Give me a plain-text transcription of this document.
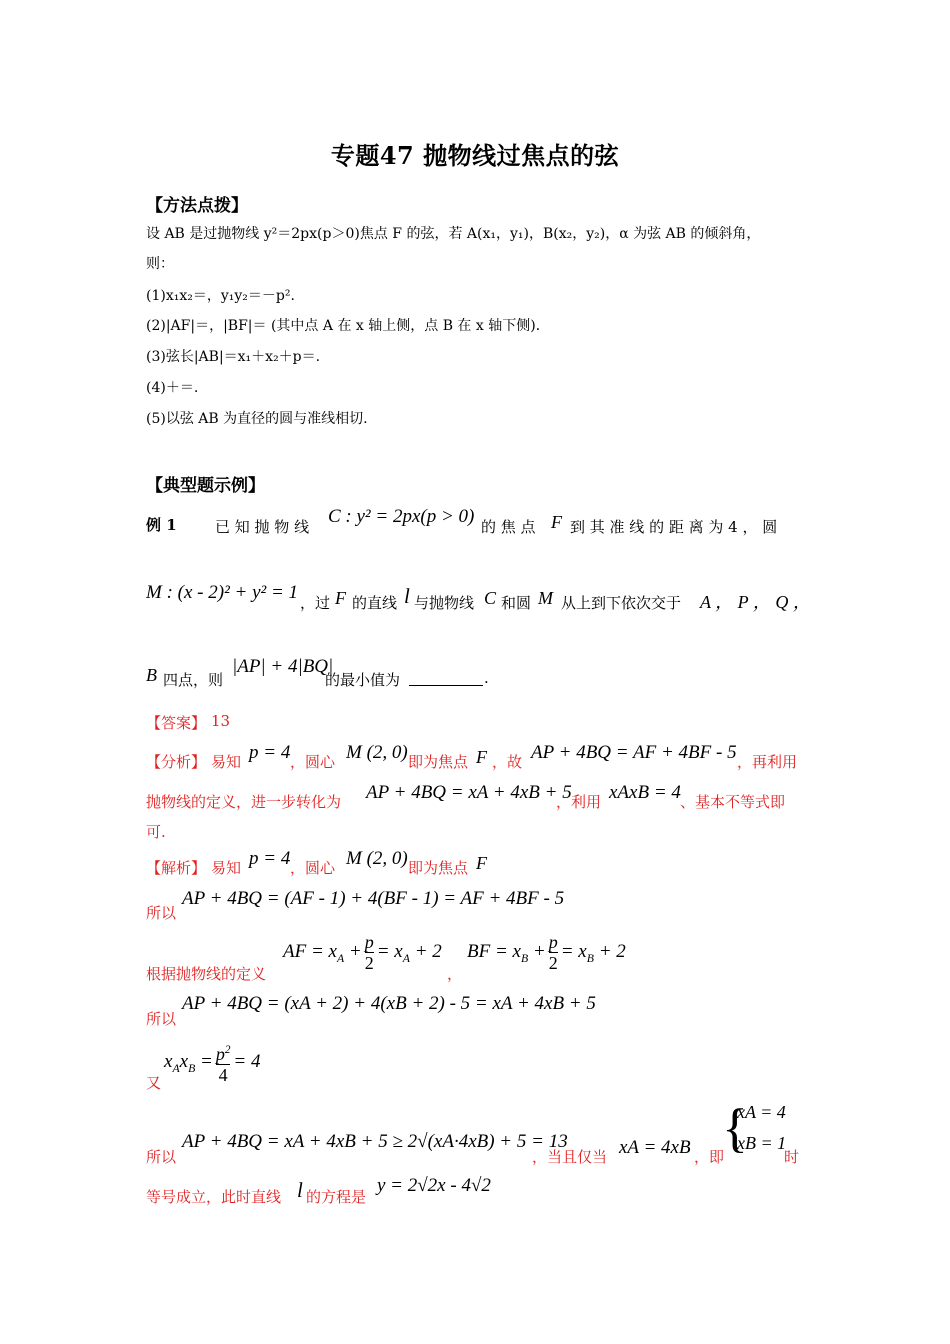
专题47 抛物线过焦点的弦
【方法点拨】
设 AB 是过抛物线 y²＝2px(p＞0)焦点 F 的弦，若 A(x₁，y₁)，B(x₂，y₂)，α 为弦 AB 的倾斜角，
则：
(1)x₁x₂＝，y₁y₂＝－p².
(2)|AF|＝，|BF|＝ (其中点 A 在 x 轴上侧，点 B 在 x 轴下侧)．
(3)弦长|AB|＝x₁＋x₂＋p＝.
(4)＋＝.
(5)以弦 AB 为直径的圆与准线相切.
【典型题示例】
例 1	已 知 抛 物 线 C : y² = 2px(p > 0) 的 焦 点 F 到 其 准 线 的 距 离 为 4 ， 圆
M : (x - 2)² + y² = 1 ，过 F 的直线 l 与抛物线 C 和圆 M 从上到下依次交于 A ， P ， Q ，
B 四点，则
|AP| + 4|BQ|
的最小值为	.
【答案】 13
【分析】 易知 p = 4 ，圆心 M (2, 0) 即为焦点 F ，故 AP + 4BQ = AF + 4BF - 5 ，再利用
抛物线的定义，进一步转化为 AP + 4BQ = xA + 4xB + 5
，利用 xAxB = 4 、基本不等式即
可.
【解析】 易知 p = 4 ，圆心 M (2, 0) 即为焦点 F
所以
AP + 4BQ = (AF - 1) + 4(BF - 1) = AF + 4BF - 5
根据抛物线的定义
AF = $x_A + \frac{p}{2} = x_A + 2$
，
BF = $x_B + \frac{p}{2} = x_B + 2$
所以
AP + 4BQ = (xA + 2) + 4(xB + 2) - 5 = xA + 4xB + 5
又
$x_Ax_B = \frac{p^2}{4} = 4$
所以
AP + 4BQ = xA + 4xB + 5 ≥ 2√(xA·4xB) + 5 = 13
，当且仅当 xA = 4xB ，即
{
xA = 4
xB = 1
时
等号成立，此时直线 l 的方程是
y = 2√2x - 4√2
